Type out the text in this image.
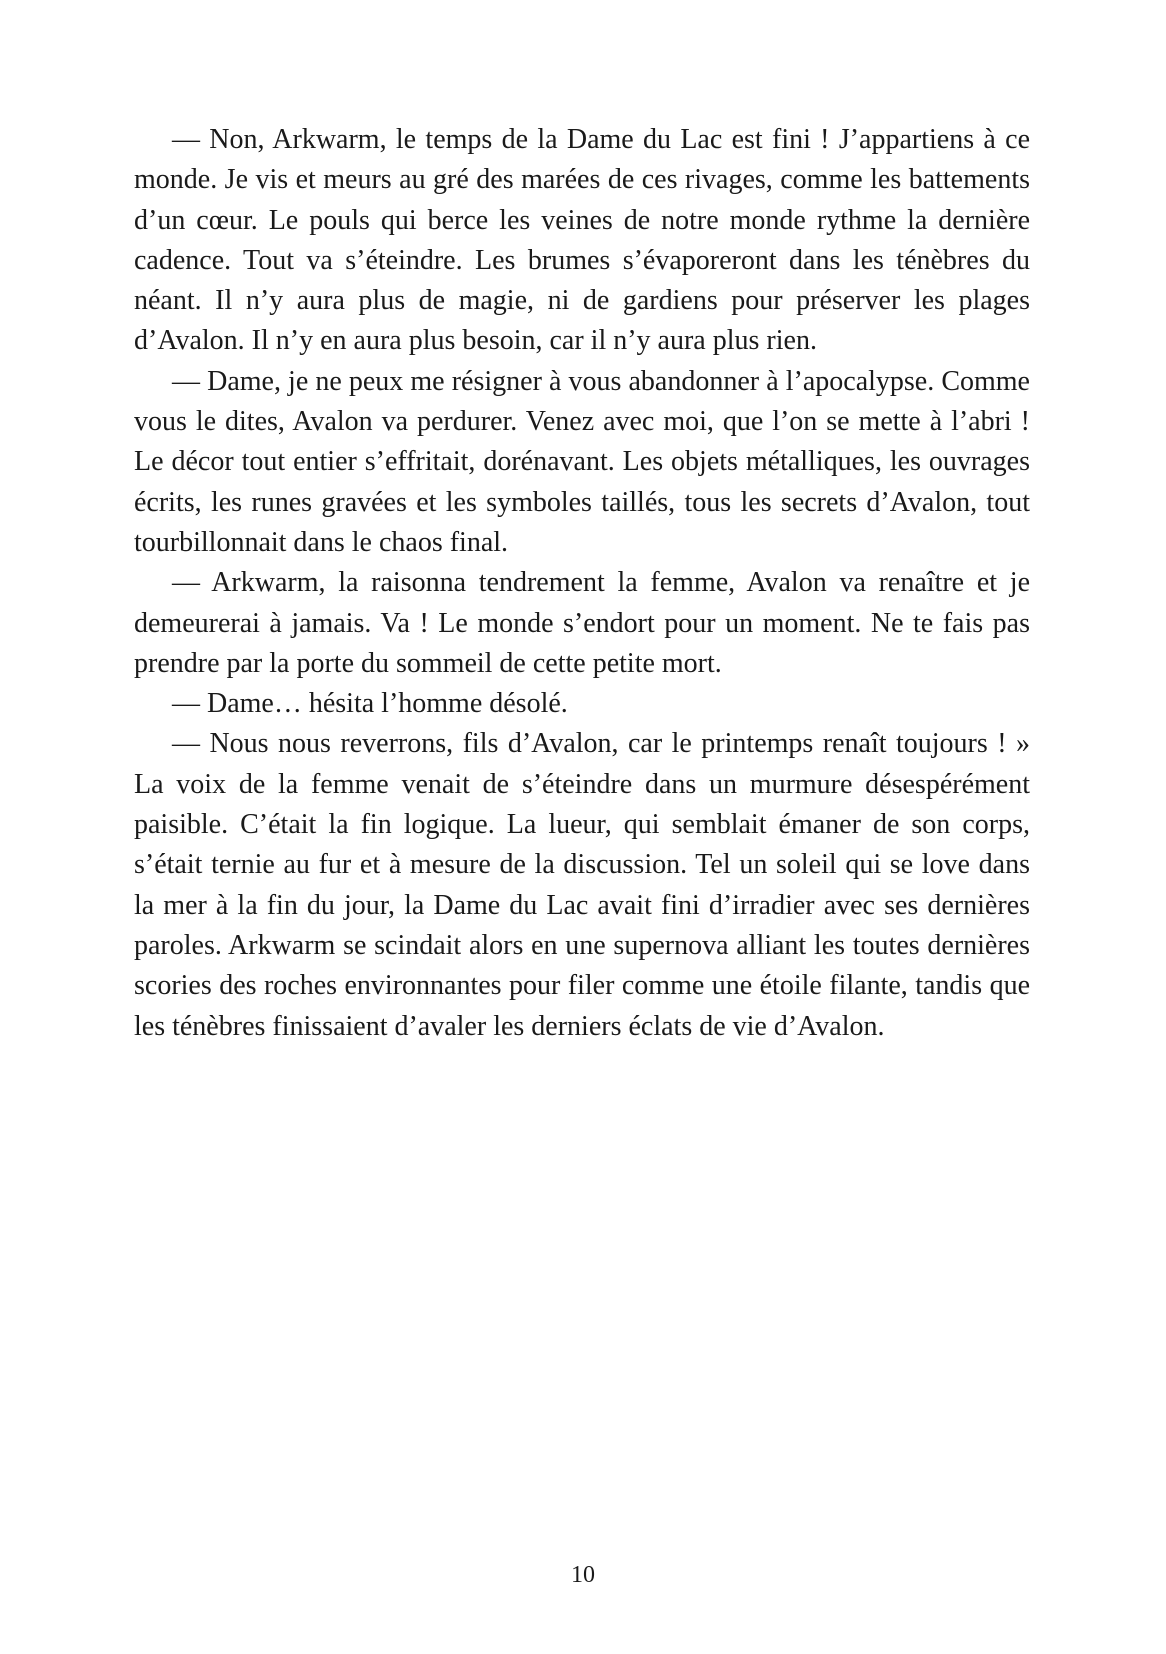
— Non, Arkwarm, le temps de la Dame du Lac est fini ! J’appartiens à ce monde. Je vis et meurs au gré des marées de ces rivages, comme les battements d’un cœur. Le pouls qui berce les veines de notre monde rythme la dernière cadence. Tout va s’éteindre. Les brumes s’évaporeront dans les ténèbres du néant. Il n’y aura plus de magie, ni de gardiens pour préserver les plages d’Avalon. Il n’y en aura plus besoin, car il n’y aura plus rien.

— Dame, je ne peux me résigner à vous abandonner à l’apocalypse. Comme vous le dites, Avalon va perdurer. Venez avec moi, que l’on se mette à l’abri ! Le décor tout entier s’effritait, dorénavant. Les objets métalliques, les ouvrages écrits, les runes gravées et les symboles taillés, tous les secrets d’Avalon, tout tourbillonnait dans le chaos final.

— Arkwarm, la raisonna tendrement la femme, Avalon va renaître et je demeurerai à jamais. Va ! Le monde s’endort pour un moment. Ne te fais pas prendre par la porte du sommeil de cette petite mort.

— Dame… hésita l’homme désolé.

— Nous nous reverrons, fils d’Avalon, car le printemps renaît toujours ! » La voix de la femme venait de s’éteindre dans un murmure désespérément paisible. C’était la fin logique. La lueur, qui semblait émaner de son corps, s’était ternie au fur et à mesure de la discussion. Tel un soleil qui se love dans la mer à la fin du jour, la Dame du Lac avait fini d’irradier avec ses dernières paroles. Arkwarm se scindait alors en une supernova alliant les toutes dernières scories des roches environnantes pour filer comme une étoile filante, tandis que les ténèbres finissaient d’avaler les derniers éclats de vie d’Avalon.

10
